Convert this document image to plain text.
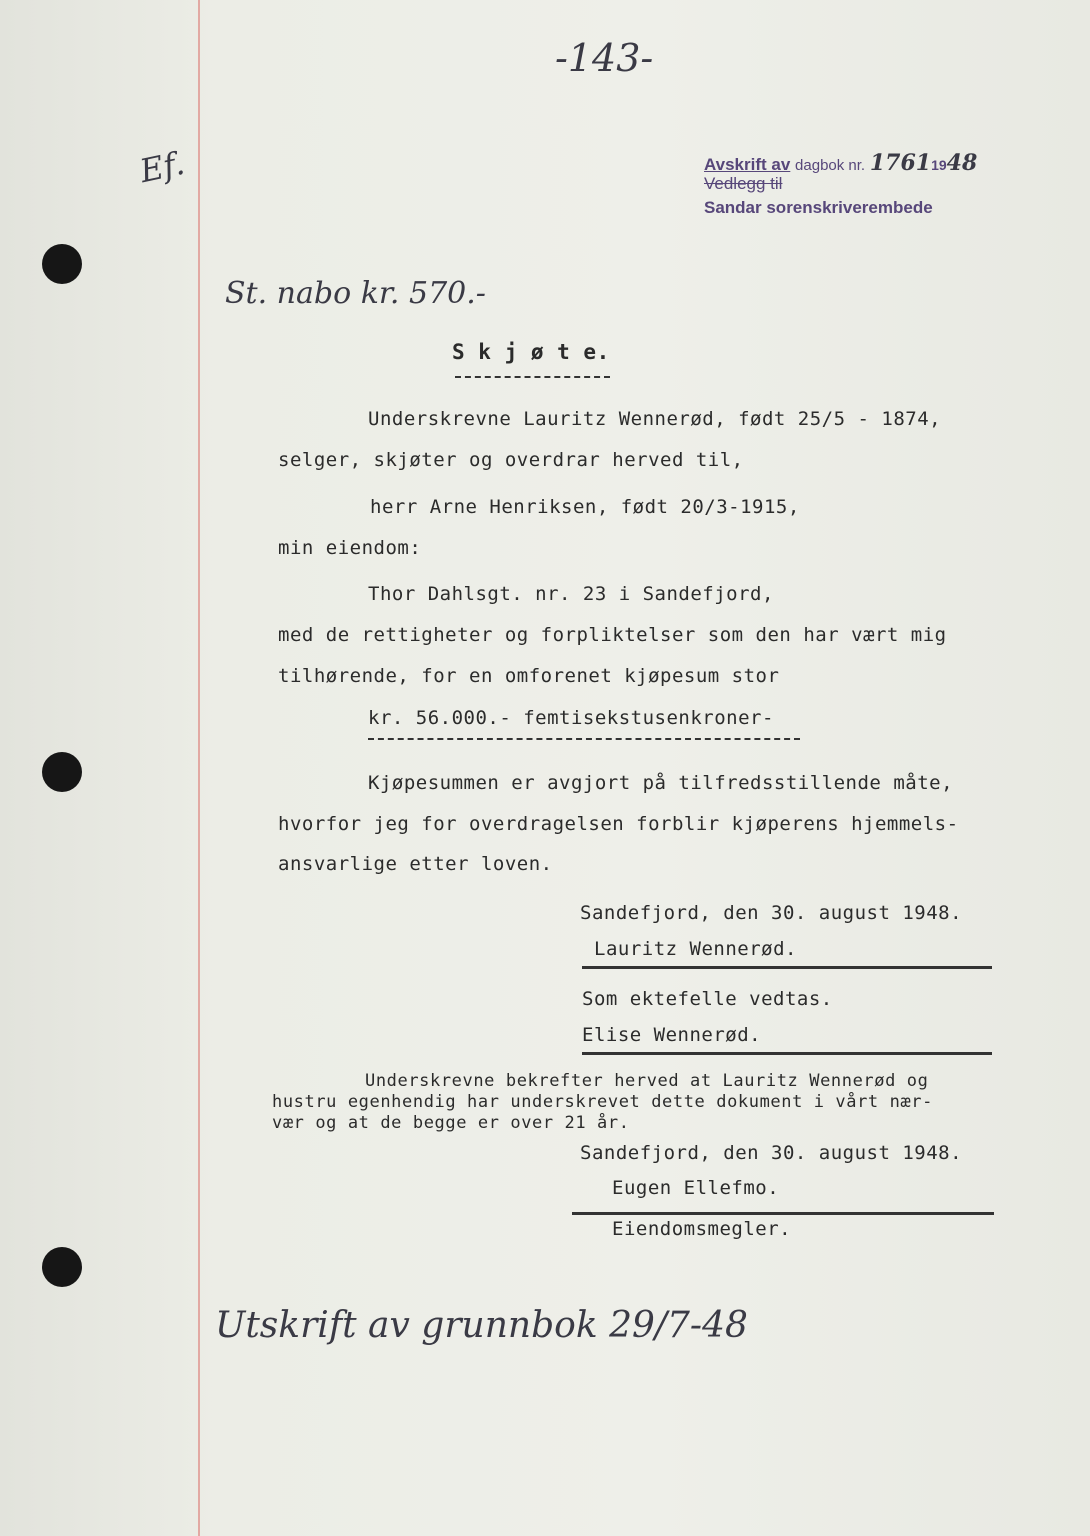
-143-
Ef.	Avskrift av dagbok nr. 17611948
Vedlegg til
Sandar sorenskriverembede
St. nabo kr. 570.-
S k j ø t e.
Underskrevne Lauritz Wennerød, født 25/5 - 1874,
selger, skjøter og overdrar herved til,
herr Arne Henriksen, født 20/3-1915,
min eiendom:
Thor Dahlsgt. nr. 23 i Sandefjord,
med de rettigheter og forpliktelser som den har vært mig
tilhørende, for en omforenet kjøpesum stor
kr. 56.000.- femtisekstusenkroner-
Kjøpesummen er avgjort på tilfredsstillende måte,
hvorfor jeg for overdragelsen forblir kjøperens hjemmels-
ansvarlige etter loven.
Sandefjord, den 30. august 1948.
Lauritz Wennerød.
Som ektefelle vedtas.
Elise Wennerød.
Underskrevne bekrefter herved at Lauritz Wennerød og
hustru egenhendig har underskrevet dette dokument i vårt nær-
vær og at de begge er over 21 år.
Sandefjord, den 30. august 1948.
Eugen Ellefmo.
Eiendomsmegler.
Utskrift av grunnbok 29/7-48
